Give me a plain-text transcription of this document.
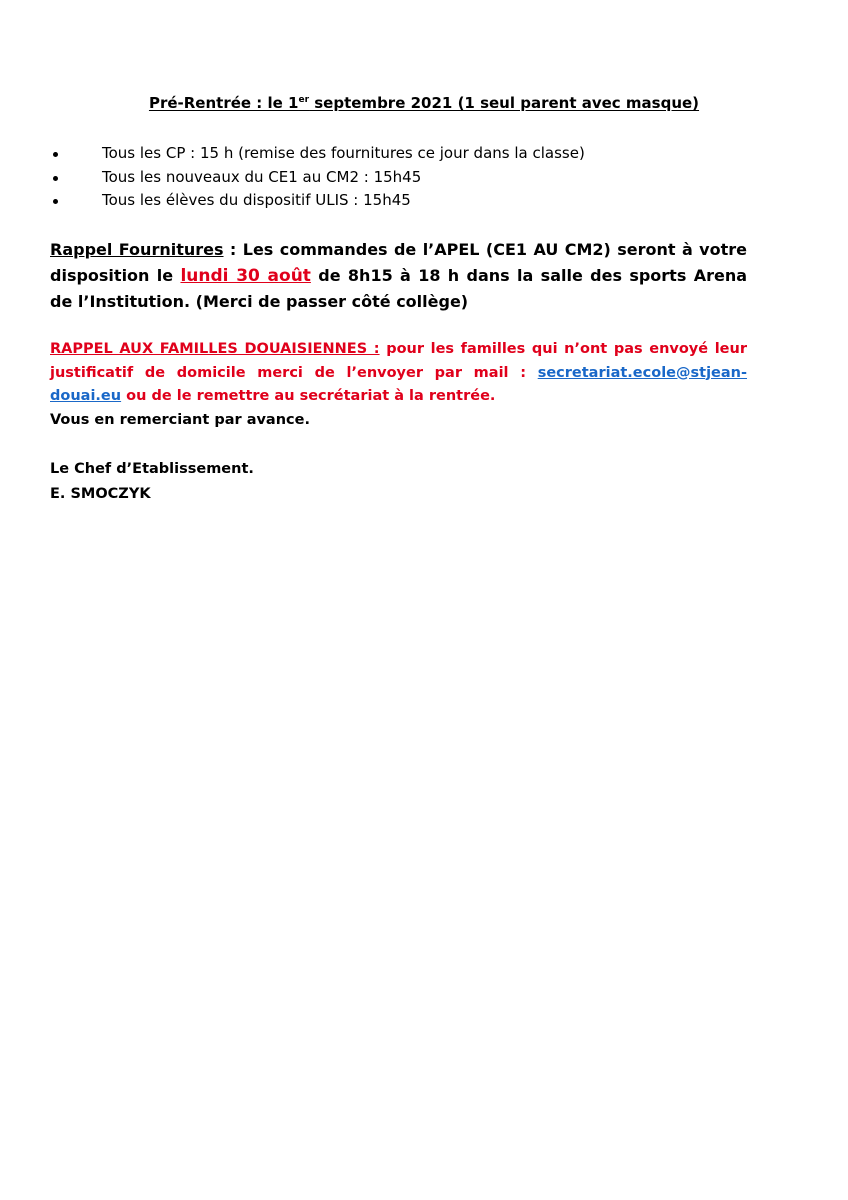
Pré-Rentrée : le 1er septembre 2021 (1 seul parent avec masque)
Tous les CP : 15 h (remise des fournitures ce jour dans la classe)
Tous les nouveaux du CE1 au CM2 : 15h45
Tous les élèves du dispositif ULIS : 15h45
Rappel Fournitures : Les commandes de l’APEL (CE1 AU CM2) seront à votre disposition le lundi 30 août de 8h15 à 18 h dans la salle des sports Arena de l’Institution. (Merci de passer côté collège)
RAPPEL AUX FAMILLES DOUAISIENNES : pour les familles qui n’ont pas envoyé leur justificatif de domicile merci de l’envoyer par mail : secretariat.ecole@stjean-douai.eu ou de le remettre au secrétariat à la rentrée.
Vous en remerciant par avance.
Le Chef d’Etablissement.
E. SMOCZYK
